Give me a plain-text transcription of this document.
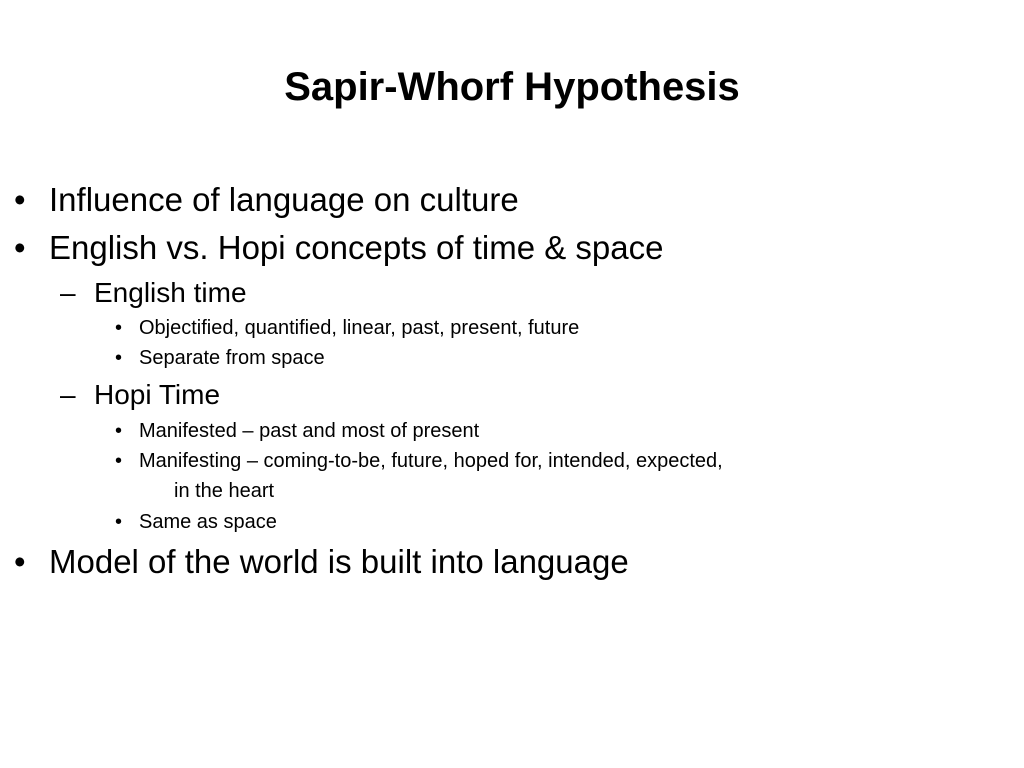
Sapir-Whorf Hypothesis
• Influence of language on culture
• English vs. Hopi concepts of time & space
– English time
• Objectified, quantified, linear, past, present, future
• Separate from space
– Hopi Time
• Manifested – past and most of present
• Manifesting – coming-to-be, future, hoped for, intended, expected,
in the heart
• Same as space
• Model of the world is built into language
